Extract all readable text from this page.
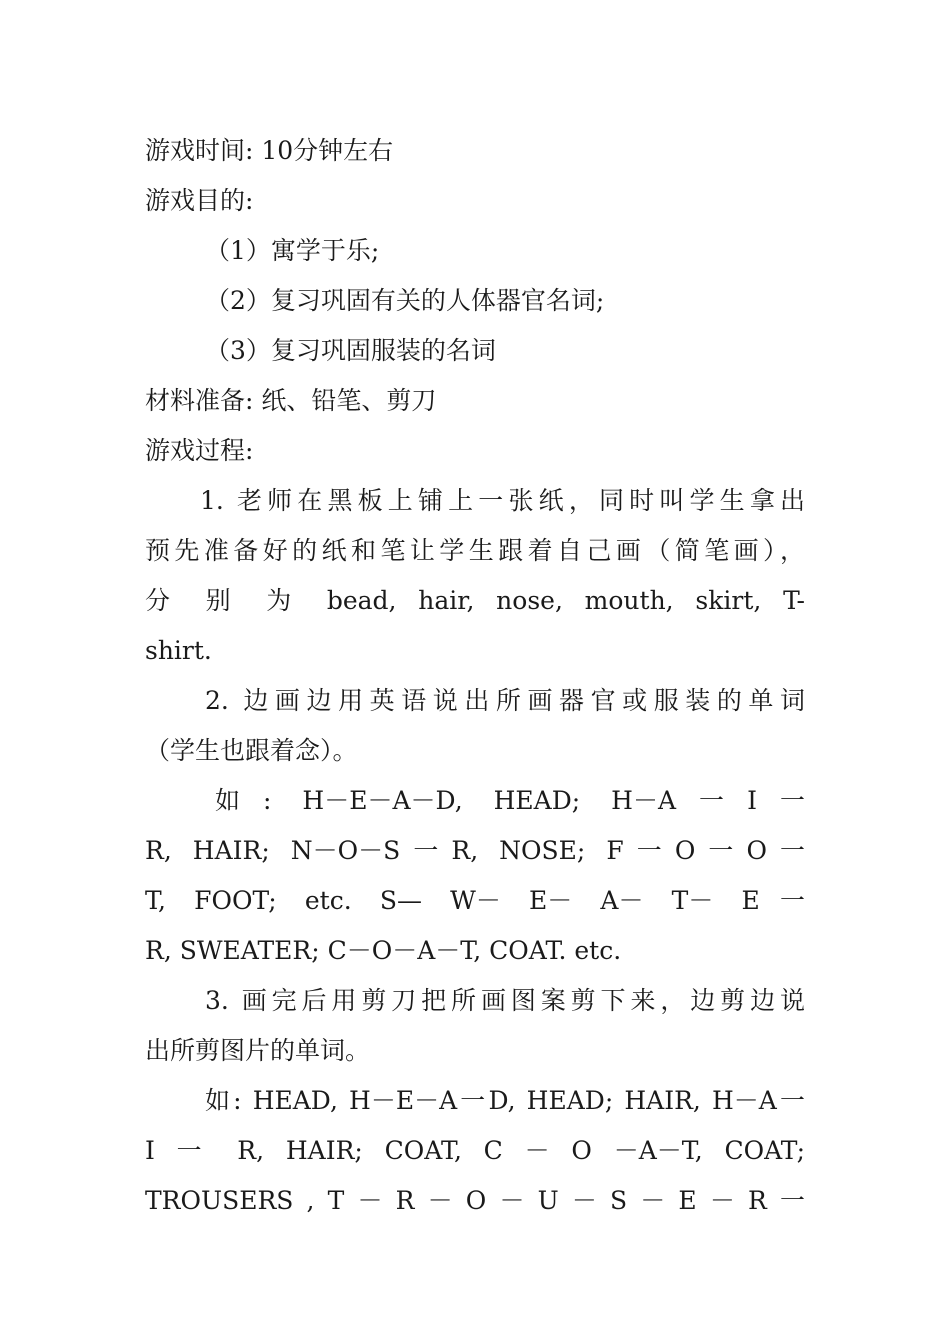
游戏时间: 10分钟左右

游戏目的:

（1）寓学于乐;

（2）复习巩固有关的人体器官名词;

（3）复习巩固服装的名词

材料准备: 纸、铅笔、剪刀

游戏过程:

1. 老师在黑板上铺上一张纸，同时叫学生拿出

预先准备好的纸和笔让学生跟着自己画（简笔画），

分 别 为 bead, hair, nose, mouth, skirt, T-

shirt.

2. 边画边用英语说出所画器官或服装的单词

（学生也跟着念）。

如: H－E－A－D, HEAD; H－A一I一

R, HAIR; N－O－S一R, NOSE; F一O一O一

T, FOOT; etc. S— W－ E－ A－ T－ E一

R, SWEATER; C－O－A－T, COAT. etc.

3. 画完后用剪刀把所画图案剪下来，边剪边说

出所剪图片的单词。

如: HEAD, H－E－A一D, HEAD; HAIR, H－A一

I 一 R, HAIR; COAT, C － O －A－T, COAT;

TROUSERS , T － R － O － U － S － E － R 一
